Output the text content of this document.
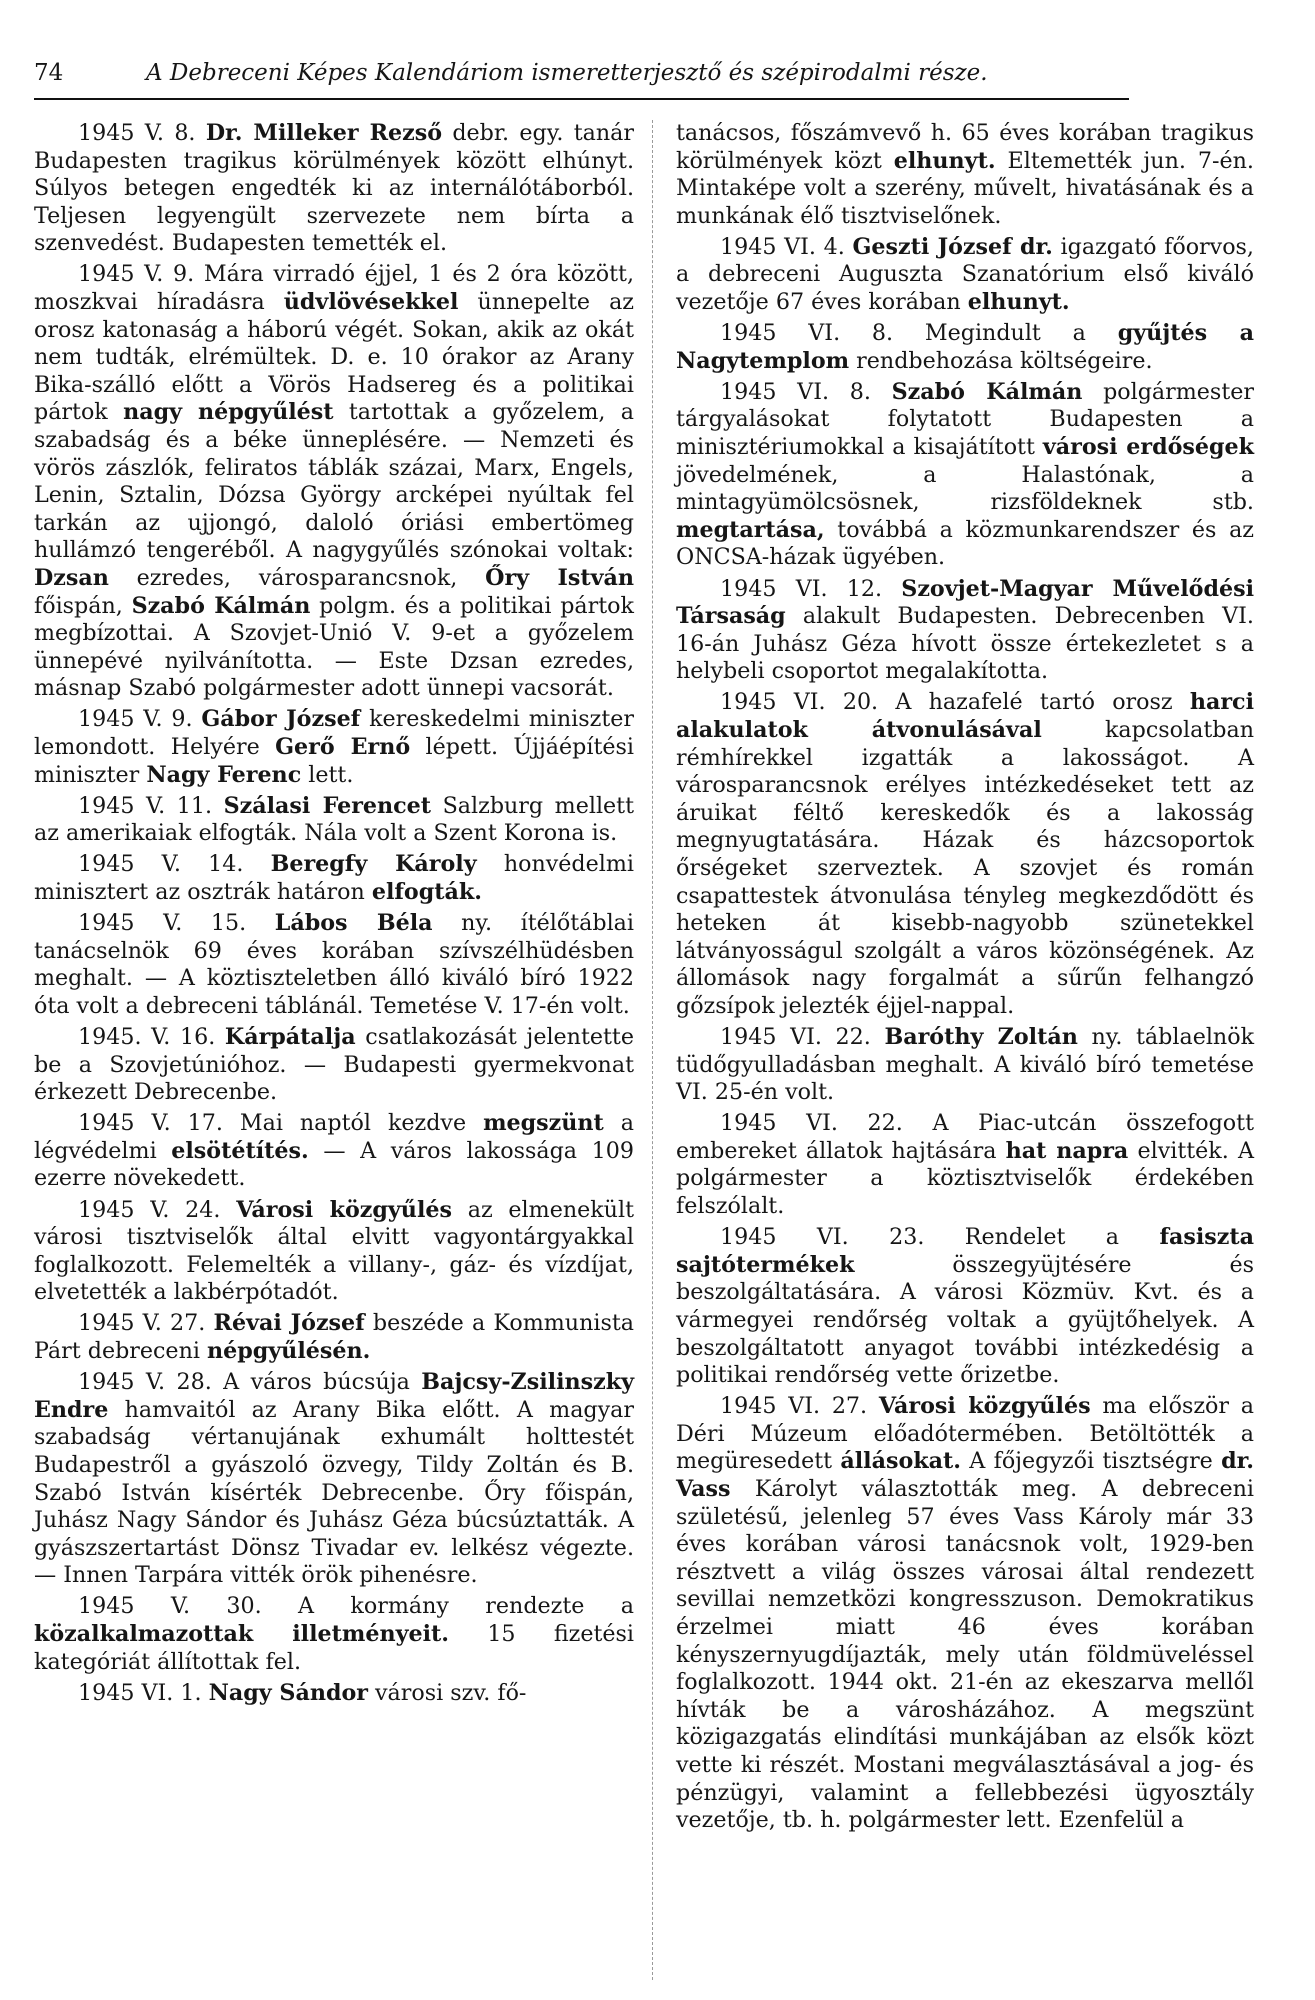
74	A Debreceni Képes Kalendáriom ismeretterjesztő és szépirodalmi része.

1945 V. 8. Dr. Milleker Rezső debr. egy. tanár Budapesten tragikus körülmények között elhúnyt. Súlyos betegen engedték ki az internálótáborból. Teljesen legyengült szervezete nem bírta a szenvedést. Budapesten temették el.

1945 V. 9. Mára virradó éjjel, 1 és 2 óra között, moszkvai híradásra üdvlövésekkel ünnepelte az orosz katonaság a háború végét. Sokan, akik az okát nem tudták, elrémültek. D. e. 10 órakor az Arany Bika-szálló előtt a Vörös Hadsereg és a politikai pártok nagy népgyűlést tartottak a győzelem, a szabadság és a béke ünneplésére. — Nemzeti és vörös zászlók, feliratos táblák százai, Marx, Engels, Lenin, Sztalin, Dózsa György arcképei nyúltak fel tarkán az ujjongó, daloló óriási embertömeg hullámzó tengeréből. A nagygyűlés szónokai voltak: Dzsan ezredes, városparancsnok, Őry István főispán, Szabó Kálmán polgm. és a politikai pártok megbízottai. A Szovjet-Unió V. 9-et a győzelem ünnepévé nyilvánította. — Este Dzsan ezredes, másnap Szabó polgármester adott ünnepi vacsorát.

1945 V. 9. Gábor József kereskedelmi miniszter lemondott. Helyére Gerő Ernő lépett. Újjáépítési miniszter Nagy Ferenc lett.

1945 V. 11. Szálasi Ferencet Salzburg mellett az amerikaiak elfogták. Nála volt a Szent Korona is.

1945 V. 14. Beregfy Károly honvédelmi minisztert az osztrák határon elfogták.

1945 V. 15. Lábos Béla ny. ítélőtáblai tanácselnök 69 éves korában szívszélhüdésben meghalt. — A köztiszteletben álló kiváló bíró 1922 óta volt a debreceni táblánál. Temetése V. 17-én volt.

1945. V. 16. Kárpátalja csatlakozását jelentette be a Szovjetúnióhoz. — Budapesti gyermekvonat érkezett Debrecenbe.

1945 V. 17. Mai naptól kezdve megszünt a légvédelmi elsötétítés. — A város lakossága 109 ezerre növekedett.

1945 V. 24. Városi közgyűlés az elmenekült városi tisztviselők által elvitt vagyontárgyakkal foglalkozott. Felemelték a villany-, gáz- és vízdíjat, elvetették a lakbérpótadót.

1945 V. 27. Révai József beszéde a Kommunista Párt debreceni népgyűlésén.

1945 V. 28. A város búcsúja Bajcsy-Zsilinszky Endre hamvaitól az Arany Bika előtt. A magyar szabadság vértanujának exhumált holttestét Budapestről a gyászoló özvegy, Tildy Zoltán és B. Szabó István kísérték Debrecenbe. Őry főispán, Juhász Nagy Sándor és Juhász Géza búcsúztatták. A gyászszertartást Dönsz Tivadar ev. lelkész végezte. — Innen Tarpára vitték örök pihenésre.

1945 V. 30. A kormány rendezte a közalkalmazottak illetményeit. 15 fizetési kategóriát állítottak fel.

1945 VI. 1. Nagy Sándor városi szv. fő-

tanácsos, főszámvevő h. 65 éves korában tragikus körülmények közt elhunyt. Eltemették jun. 7-én. Mintaképe volt a szerény, művelt, hivatásának és a munkának élő tisztviselőnek.

1945 VI. 4. Geszti József dr. igazgató főorvos, a debreceni Auguszta Szanatórium első kiváló vezetője 67 éves korában elhunyt.

1945 VI. 8. Megindult a gyűjtés a Nagytemplom rendbehozása költségeire.

1945 VI. 8. Szabó Kálmán polgármester tárgyalásokat folytatott Budapesten a minisztériumokkal a kisajátított városi erdőségek jövedelmének, a Halastónak, a mintagyümölcsösnek, rizsföldeknek stb. megtartása, továbbá a közmunkarendszer és az ONCSA-házak ügyében.

1945 VI. 12. Szovjet-Magyar Művelődési Társaság alakult Budapesten. Debrecenben VI. 16-án Juhász Géza hívott össze értekezletet s a helybeli csoportot megalakította.

1945 VI. 20. A hazafelé tartó orosz harci alakulatok átvonulásával kapcsolatban rémhírekkel izgatták a lakosságot. A városparancsnok erélyes intézkedéseket tett az áruikat féltő kereskedők és a lakosság megnyugtatására. Házak és házcsoportok őrségeket szerveztek. A szovjet és román csapattestek átvonulása tényleg megkezdődött és heteken át kisebb-nagyobb szünetekkel látványosságul szolgált a város közönségének. Az állomások nagy forgalmát a sűrűn felhangzó gőzsípok jelezték éjjel-nappal.

1945 VI. 22. Baróthy Zoltán ny. táblaelnök tüdőgyulladásban meghalt. A kiváló bíró temetése VI. 25-én volt.

1945 VI. 22. A Piac-utcán összefogott embereket állatok hajtására hat napra elvitték. A polgármester a köztisztviselők érdekében felszólalt.

1945 VI. 23. Rendelet a fasiszta sajtótermékek összegyüjtésére és beszolgáltatására. A városi Közmüv. Kvt. és a vármegyei rendőrség voltak a gyüjtőhelyek. A beszolgáltatott anyagot további intézkedésig a politikai rendőrség vette őrizetbe.

1945 VI. 27. Városi közgyűlés ma először a Déri Múzeum előadótermében. Betöltötték a megüresedett állásokat. A főjegyzői tisztségre dr. Vass Károlyt választották meg. A debreceni születésű, jelenleg 57 éves Vass Károly már 33 éves korában városi tanácsnok volt, 1929-ben résztvett a világ összes városai által rendezett sevillai nemzetközi kongresszuson. Demokratikus érzelmei miatt 46 éves korában kényszernyugdíjazták, mely után földmüveléssel foglalkozott. 1944 okt. 21-én az ekeszarva mellől hívták be a városházához. A megszünt közigazgatás elindítási munkájában az elsők közt vette ki részét. Mostani megválasztásával a jog- és pénzügyi, valamint a fellebbezési ügyosztály vezetője, tb. h. polgármester lett. Ezenfelül a
